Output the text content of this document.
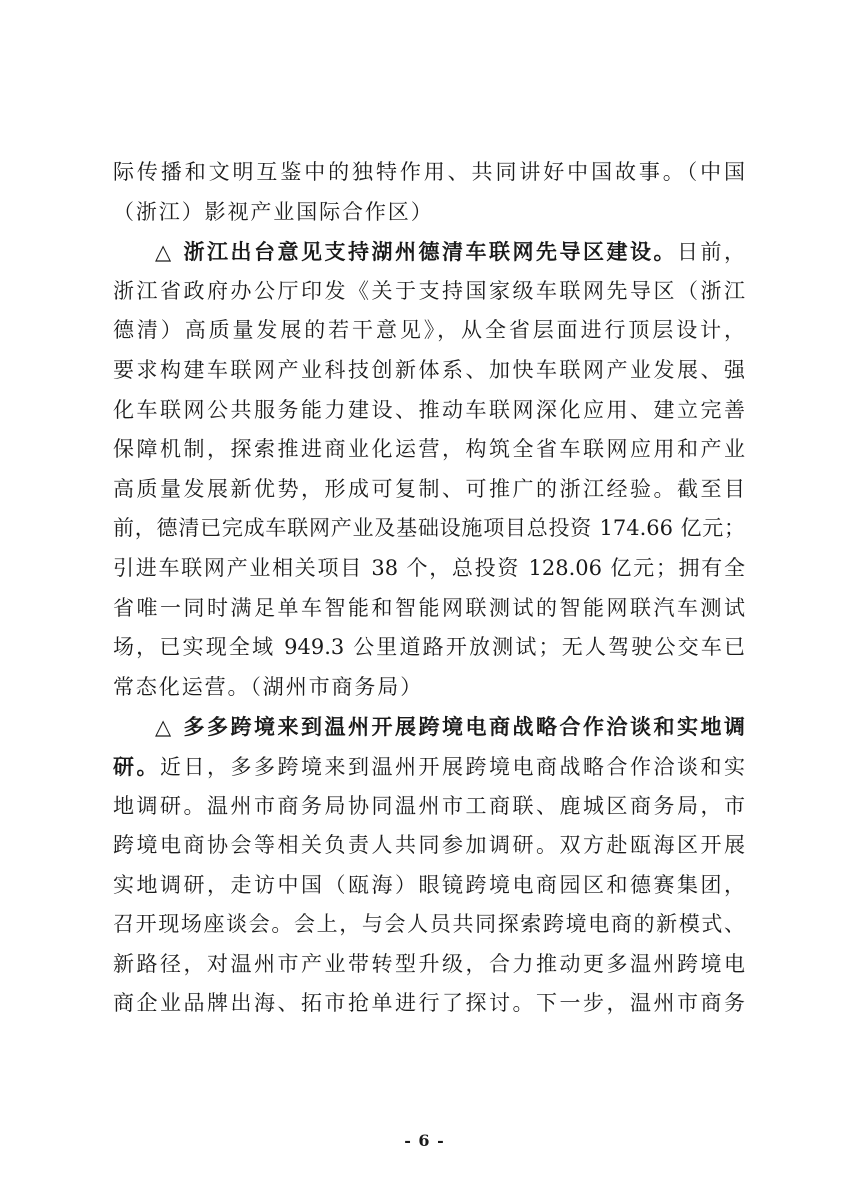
际传播和文明互鉴中的独特作用、共同讲好中国故事。（中国
（浙江）影视产业国际合作区）
△ 浙江出台意见支持湖州德清车联网先导区建设。日前，
浙江省政府办公厅印发《关于支持国家级车联网先导区（浙江
德清）高质量发展的若干意见》，从全省层面进行顶层设计，
要求构建车联网产业科技创新体系、加快车联网产业发展、强
化车联网公共服务能力建设、推动车联网深化应用、建立完善
保障机制，探索推进商业化运营，构筑全省车联网应用和产业
高质量发展新优势，形成可复制、可推广的浙江经验。截至目
前，德清已完成车联网产业及基础设施项目总投资 174.66 亿元；
引进车联网产业相关项目 38 个，总投资 128.06 亿元；拥有全
省唯一同时满足单车智能和智能网联测试的智能网联汽车测试
场，已实现全域 949.3 公里道路开放测试；无人驾驶公交车已
常态化运营。（湖州市商务局）
△ 多多跨境来到温州开展跨境电商战略合作洽谈和实地调
研。近日，多多跨境来到温州开展跨境电商战略合作洽谈和实
地调研。温州市商务局协同温州市工商联、鹿城区商务局，市
跨境电商协会等相关负责人共同参加调研。双方赴瓯海区开展
实地调研，走访中国（瓯海）眼镜跨境电商园区和德赛集团，
召开现场座谈会。会上，与会人员共同探索跨境电商的新模式、
新路径，对温州市产业带转型升级，合力推动更多温州跨境电
商企业品牌出海、拓市抢单进行了探讨。下一步，温州市商务
- 6 -
